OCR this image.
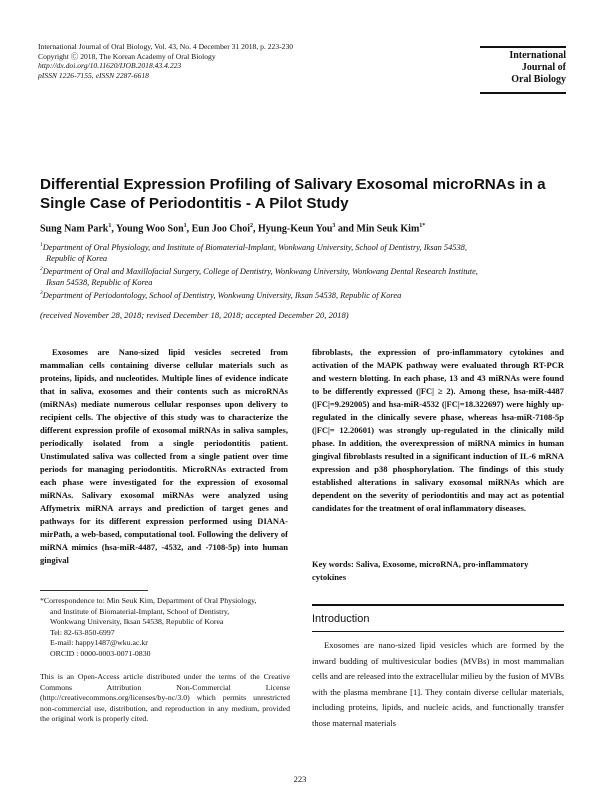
International Journal of Oral Biology, Vol. 43, No. 4 December 31 2018, p. 223-230
Copyright Ⓒ 2018, The Korean Academy of Oral Biology
http://dx.doi.org/10.11620/IJOB.2018.43.4.223
pISSN 1226-7155, eISSN 2287-6618
International
Journal of
Oral Biology
Differential Expression Profiling of Salivary Exosomal microRNAs in a Single Case of Periodontitis - A Pilot Study
Sung Nam Park$^1$, Young Woo Son$^1$, Eun Joo Choi$^2$, Hyung-Keun You$^3$ and Min Seuk Kim$^{1*}$

$^1$Department of Oral Physiology, and Institute of Biomaterial-Implant, Wonkwang University, School of Dentistry, Iksan 54538,
Republic of Korea

$^2$Department of Oral and Maxillofacial Surgery, College of Dentistry, Wonkwang University, Wonkwang Dental Research Institute,
Iksan 54538, Republic of Korea

$^3$Department of Periodontology, School of Dentistry, Wonkwang University, Iksan 54538, Republic of Korea

(received November 28, 2018; revised December 18, 2018; accepted December 20, 2018)

Exosomes are Nano-sized lipid vesicles secreted from mammalian cells containing diverse cellular materials such as proteins, lipids, and nucleotides. Multiple lines of evidence indicate that in saliva, exosomes and their contents such as microRNAs (miRNAs) mediate numerous cellular responses upon delivery to recipient cells. The objective of this study was to characterize the different expression profile of exosomal miRNAs in saliva samples, periodically isolated from a single periodontitis patient. Unstimulated saliva was collected from a single patient over time periods for managing periodontitis. MicroRNAs extracted from each phase were investigated for the expression of exosomal miRNAs. Salivary exosomal miRNAs were analyzed using Affymetrix miRNA arrays and prediction of target genes and pathways for its different expression performed using DIANA-mirPath, a web-based, computational tool. Following the delivery of miRNA mimics (hsa-miR-4487, -4532, and -7108-5p) into human gingival

fibroblasts, the expression of pro-inflammatory cytokines and activation of the MAPK pathway were evaluated through RT-PCR and western blotting. In each phase, 13 and 43 miRNAs were found to be differently expressed (|FC| ≥ 2). Among these, hsa-miR-4487 (|FC|=9.292005) and hsa-miR-4532 (|FC|=18.322697) were highly up-regulated in the clinically severe phase, whereas hsa-miR-7108-5p (|FC|= 12.20601) was strongly up-regulated in the clinically mild phase. In addition, the overexpression of miRNA mimics in human gingival fibroblasts resulted in a significant induction of IL-6 mRNA expression and p38 phosphorylation. The findings of this study established alterations in salivary exosomal miRNAs which are dependent on the severity of periodontitis and may act as potential candidates for the treatment of oral inflammatory diseases.

Key words: Saliva, Exosome, microRNA, pro-inflammatory cytokines
*Correspondence to: Min Seuk Kim, Department of Oral Physiology,
and Institute of Biomaterial-Implant, School of Dentistry,
Wonkwang University, Iksan 54538, Republic of Korea
Tel: 82-63-850-6997
E-mail: happy1487@wku.ac.kr
ORCID : 0000-0003-0071-0830
This is an Open-Access article distributed under the terms of the Creative Commons Attribution Non-Commercial License (http://creativecommons.org/licenses/by-nc/3.0) which permits unrestricted non-commercial use, distribution, and reproduction in any medium, provided the original work is properly cited.
Introduction

Exosomes are nano-sized lipid vesicles which are formed by the inward budding of multivesicular bodies (MVBs) in most mammalian cells and are released into the extracellular milieu by the fusion of MVBs with the plasma membrane [1]. They contain diverse cellular materials, including proteins, lipids, and nucleic acids, and functionally transfer those maternal materials

223
